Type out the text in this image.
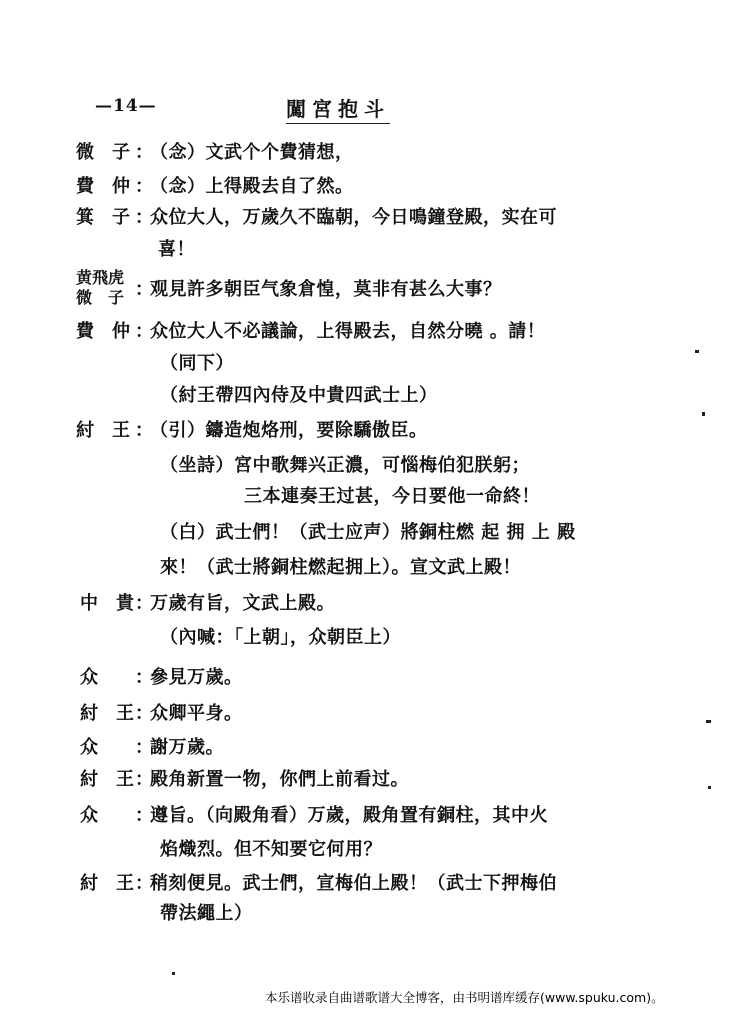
—14—	闖宮抱斗
微　子 ：
（念）文武个个費猜想，
費　仲 ：
（念）上得殿去自了然。
箕　子 ：
众位大人，万歲久不臨朝，今日鳴鐘登殿，实在可
喜！
黄飛虎
微　子 ：
观見許多朝臣气象倉惶，莫非有甚么大事？
費　仲 ：
众位大人不必議論，上得殿去，自然分曉 。請！
（同下）
（紂王帶四內侍及中貴四武士上）
紂　王 ：
（引）鑄造炮烙刑，要除驕傲臣。
（坐詩）宮中歌舞兴正濃，可惱梅伯犯朕躬；
三本連奏王过甚，今日要他一命終！
（白）武士們！（武士应声）將銅柱燃 起 拥 上 殿
來！（武士將銅柱燃起拥上）。宣文武上殿！
中　貴 ：
万歲有旨，文武上殿。
（內喊：「上朝」，众朝臣上）
众 ：
參見万歲。
紂　王 ：
众卿平身。
众 ：
謝万歲。
紂　王 ：
殿角新置一物，你們上前看过。
众 ：
遵旨。（向殿角看）万歲，殿角置有銅柱，其中火
焰熾烈。但不知要它何用？
紂　王 ：
稍刻便見。武士們，宣梅伯上殿！（武士下押梅伯
帶法繩上）
本乐谱收录自曲谱歌谱大全博客，由书明谱库缓存(www.spuku.com)。
